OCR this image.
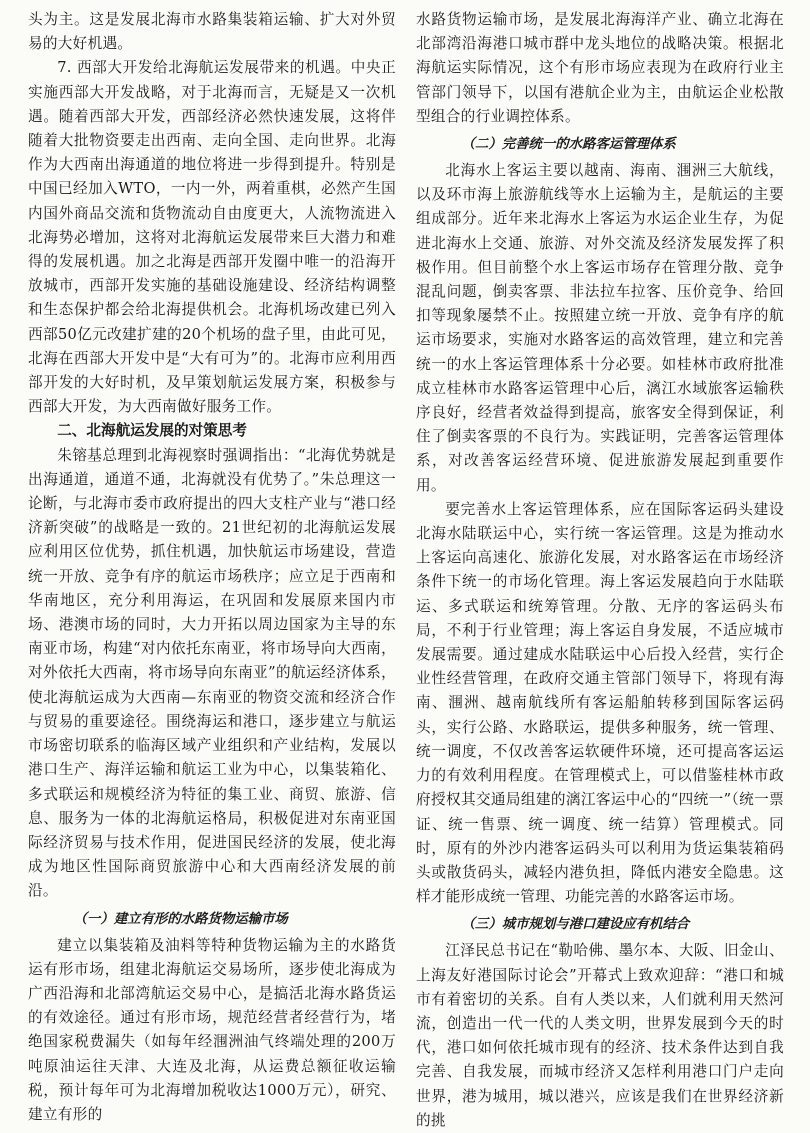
头为主。这是发展北海市水路集装箱运输、扩大对外贸易的大好机遇。

7. 西部大开发给北海航运发展带来的机遇。中央正实施西部大开发战略，对于北海而言，无疑是又一次机遇。随着西部大开发，西部经济必然快速发展，这将伴随着大批物资要走出西南、走向全国、走向世界。北海作为大西南出海通道的地位将进一步得到提升。特别是中国已经加入WTO，一内一外，两着重棋，必然产生国内国外商品交流和货物流动自由度更大，人流物流进入北海势必增加，这将对北海航运发展带来巨大潜力和难得的发展机遇。加之北海是西部开发圈中唯一的沿海开放城市，西部开发实施的基础设施建设、经济结构调整和生态保护都会给北海提供机会。北海机场改建已列入西部50亿元改建扩建的20个机场的盘子里，由此可见，北海在西部大开发中是“大有可为”的。北海市应利用西部开发的大好时机，及早策划航运发展方案，积极参与西部大开发，为大西南做好服务工作。

二、北海航运发展的对策思考

朱镕基总理到北海视察时强调指出：“北海优势就是出海通道，通道不通，北海就没有优势了。”朱总理这一论断，与北海市委市政府提出的四大支柱产业与“港口经济新突破”的战略是一致的。21世纪初的北海航运发展应利用区位优势，抓住机遇，加快航运市场建设，营造统一开放、竞争有序的航运市场秩序；应立足于西南和华南地区，充分利用海运，在巩固和发展原来国内市场、港澳市场的同时，大力开拓以周边国家为主导的东南亚市场，构建“对内依托东南亚，将市场导向大西南，对外依托大西南，将市场导向东南亚”的航运经济体系，使北海航运成为大西南—东南亚的物资交流和经济合作与贸易的重要途径。围绕海运和港口，逐步建立与航运市场密切联系的临海区域产业组织和产业结构，发展以港口生产、海洋运输和航运工业为中心，以集装箱化、多式联运和规模经济为特征的集工业、商贸、旅游、信息、服务为一体的北海航运格局，积极促进对东南亚国际经济贸易与技术作用，促进国民经济的发展，使北海成为地区性国际商贸旅游中心和大西南经济发展的前沿。

（一）建立有形的水路货物运输市场

建立以集装箱及油料等特种货物运输为主的水路货运有形市场，组建北海航运交易场所，逐步使北海成为广西沿海和北部湾航运交易中心，是搞活北海水路货运的有效途径。通过有形市场，规范经营者经营行为，堵绝国家税费漏失（如每年经涠洲油气终端处理的200万吨原油运往天津、大连及北海，从运费总额征收运输税，预计每年可为北海增加税收达1000万元），研究、建立有形的

水路货物运输市场，是发展北海海洋产业、确立北海在北部湾沿海港口城市群中龙头地位的战略决策。根据北海航运实际情况，这个有形市场应表现为在政府行业主管部门领导下，以国有港航企业为主，由航运企业松散型组合的行业调控体系。

（二）完善统一的水路客运管理体系

北海水上客运主要以越南、海南、涠洲三大航线，以及环市海上旅游航线等水上运输为主，是航运的主要组成部分。近年来北海水上客运为水运企业生存，为促进北海水上交通、旅游、对外交流及经济发展发挥了积极作用。但目前整个水上客运市场存在管理分散、竞争混乱问题，倒卖客票、非法拉车拉客、压价竞争、给回扣等现象屡禁不止。按照建立统一开放、竞争有序的航运市场要求，实施对水路客运的高效管理，建立和完善统一的水上客运管理体系十分必要。如桂林市政府批准成立桂林市水路客运管理中心后，漓江水域旅客运输秩序良好，经营者效益得到提高，旅客安全得到保证，利住了倒卖客票的不良行为。实践证明，完善客运管理体系，对改善客运经营环境、促进旅游发展起到重要作用。

要完善水上客运管理体系，应在国际客运码头建设北海水陆联运中心，实行统一客运管理。这是为推动水上客运向高速化、旅游化发展，对水路客运在市场经济条件下统一的市场化管理。海上客运发展趋向于水陆联运、多式联运和统筹管理。分散、无序的客运码头布局，不利于行业管理；海上客运自身发展，不适应城市发展需要。通过建成水陆联运中心后投入经营，实行企业性经营管理，在政府交通主管部门领导下，将现有海南、涠洲、越南航线所有客运船舶转移到国际客运码头，实行公路、水路联运，提供多种服务，统一管理、统一调度，不仅改善客运软硬件环境，还可提高客运运力的有效利用程度。在管理模式上，可以借鉴桂林市政府授权其交通局组建的漓江客运中心的“四统一”（统一票证、统一售票、统一调度、统一结算）管理模式。同时，原有的外沙内港客运码头可以利用为货运集装箱码头或散货码头，减轻内港负担，降低内港安全隐患。这样才能形成统一管理、功能完善的水路客运市场。

（三）城市规划与港口建设应有机结合

江泽民总书记在“勒哈佛、墨尔本、大阪、旧金山、上海友好港国际讨论会”开幕式上致欢迎辞：“港口和城市有着密切的关系。自有人类以来，人们就利用天然河流，创造出一代一代的人类文明，世界发展到今天的时代，港口如何依托城市现有的经济、技术条件达到自我完善、自我发展，而城市经济又怎样利用港口门户走向世界，港为城用，城以港兴，应该是我们在世界经济新的挑
